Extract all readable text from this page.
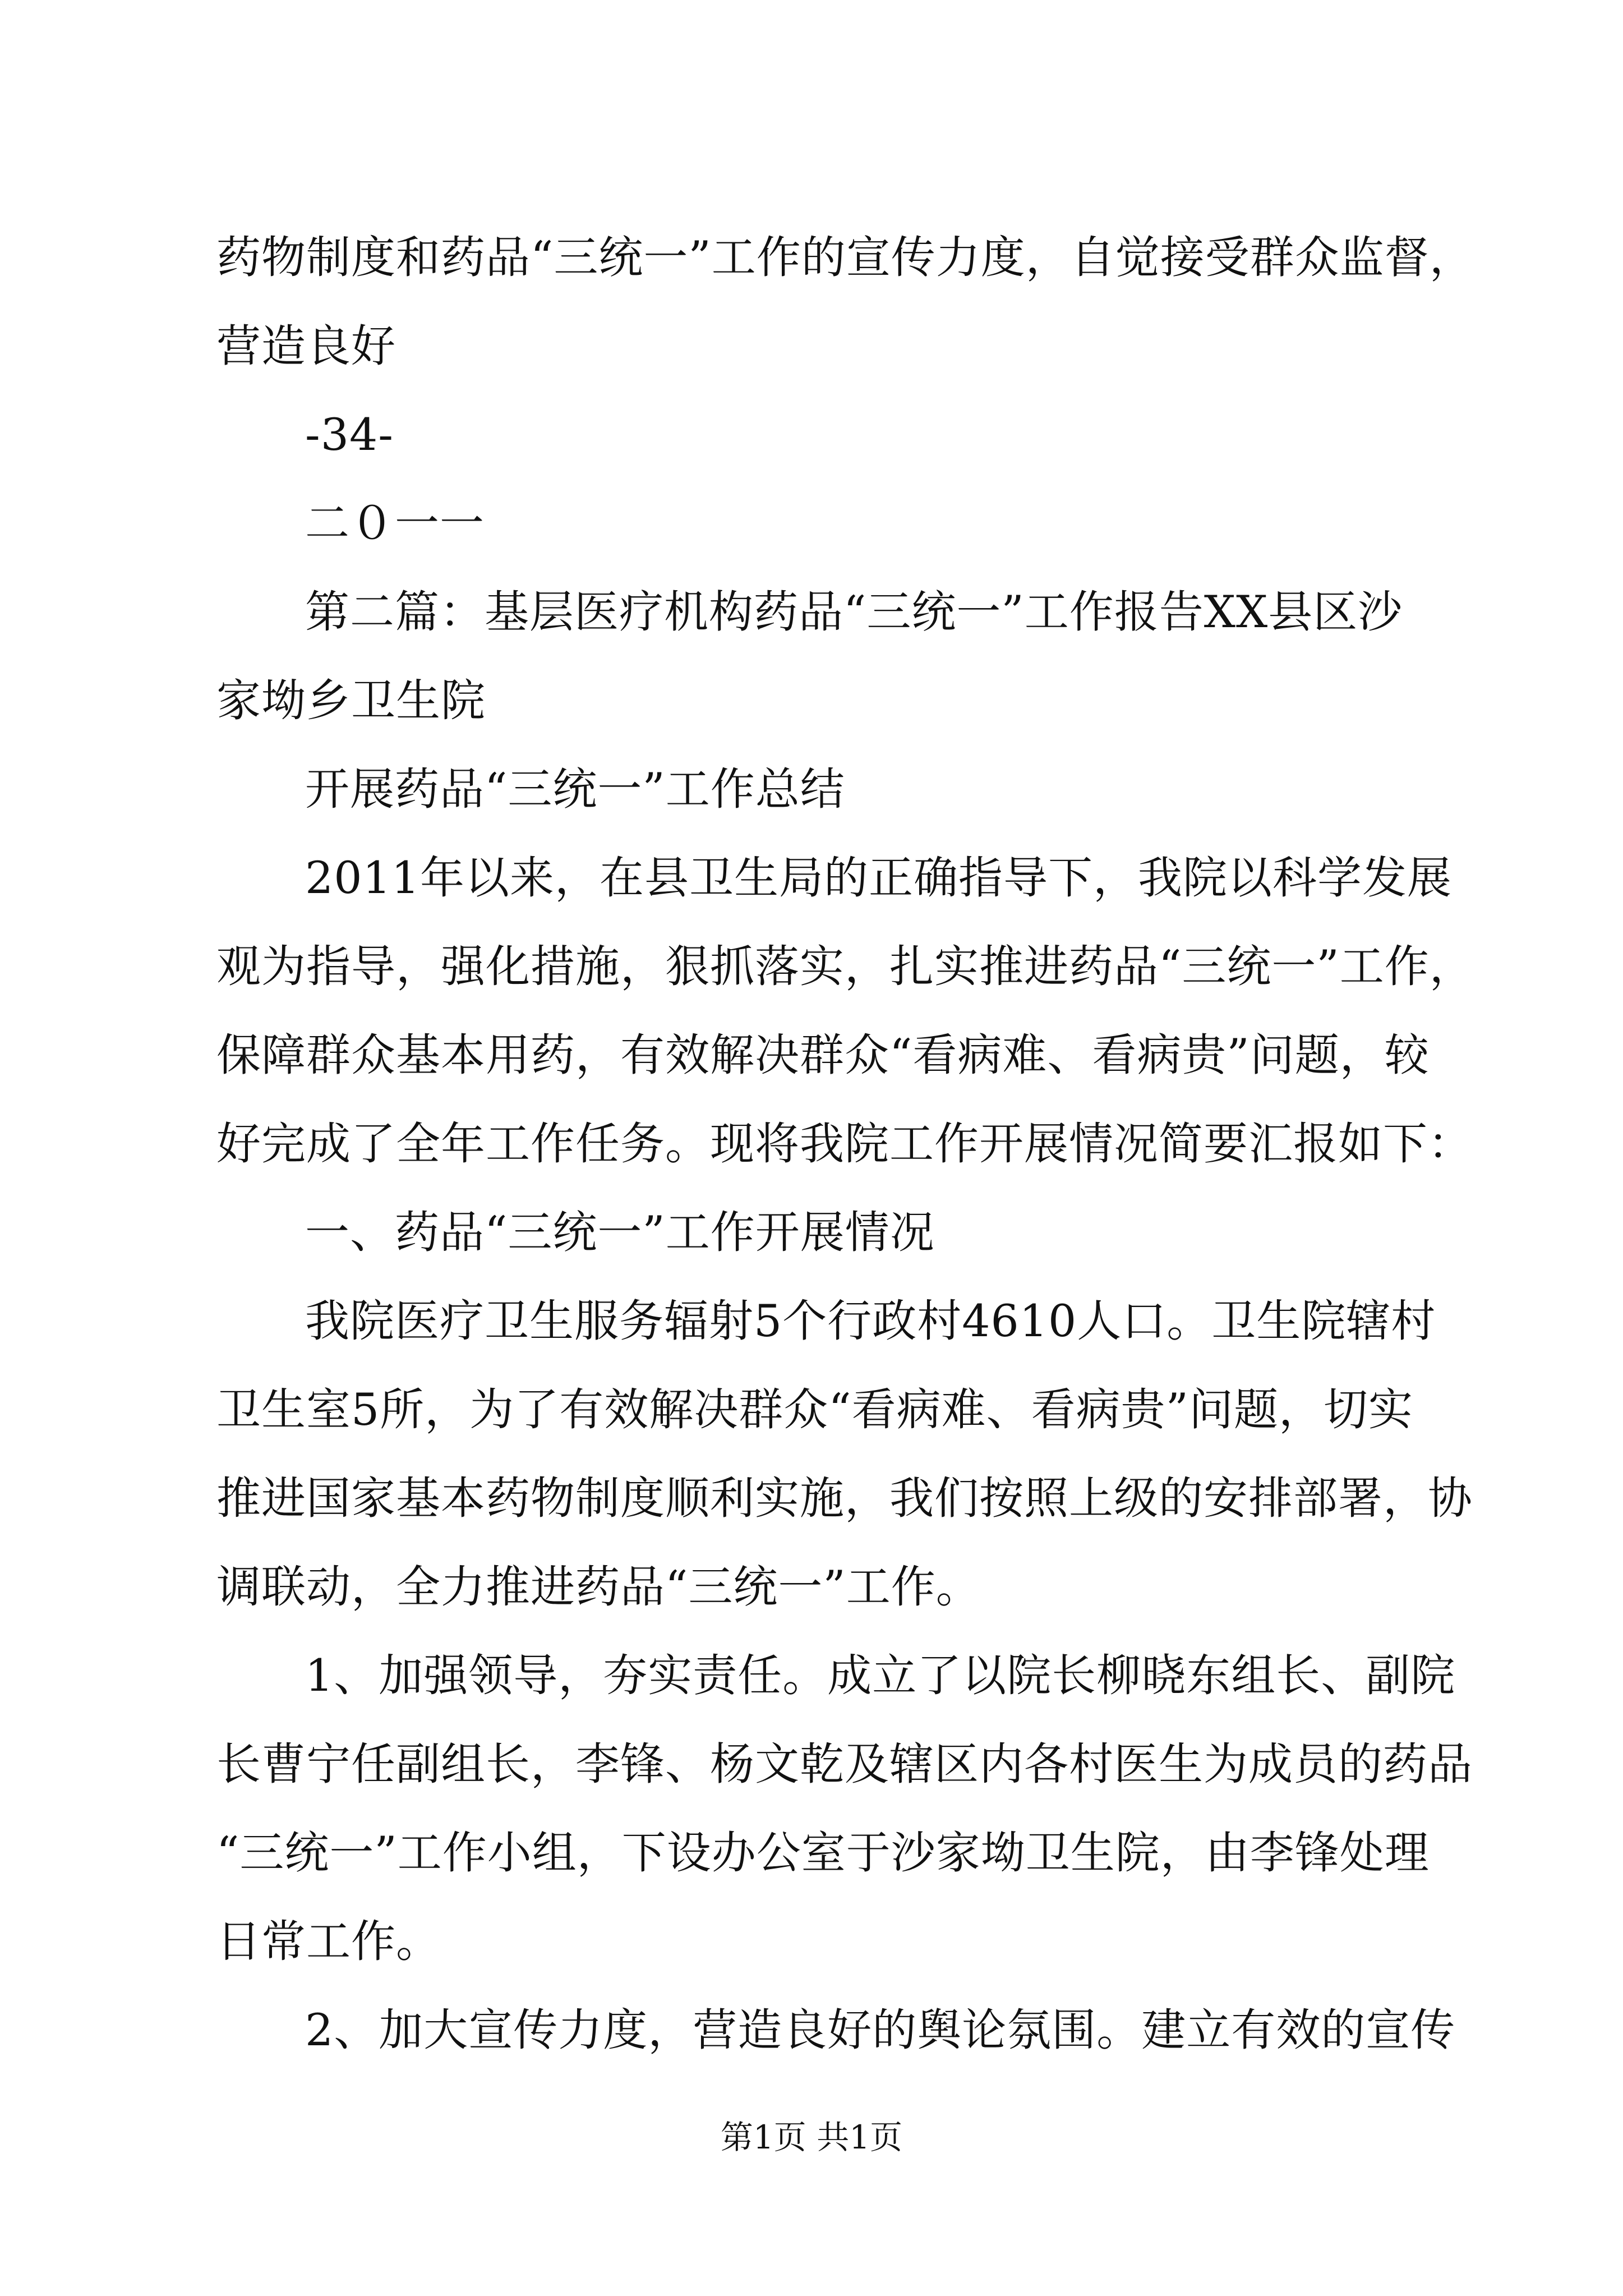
药物制度和药品“三统一”工作的宣传力度，自觉接受群众监督，
营造良好
-34-
二０一一
第二篇：基层医疗机构药品“三统一”工作报告XX县区沙
家坳乡卫生院
开展药品“三统一”工作总结
2011年以来，在县卫生局的正确指导下，我院以科学发展
观为指导，强化措施，狠抓落实，扎实推进药品“三统一”工作，
保障群众基本用药，有效解决群众“看病难、看病贵”问题，较
好完成了全年工作任务。现将我院工作开展情况简要汇报如下：
一、药品“三统一”工作开展情况
我院医疗卫生服务辐射5个行政村4610人口。卫生院辖村
卫生室5所，为了有效解决群众“看病难、看病贵”问题，切实
推进国家基本药物制度顺利实施，我们按照上级的安排部署，协
调联动，全力推进药品“三统一”工作。
1、加强领导，夯实责任。成立了以院长柳晓东组长、副院
长曹宁任副组长，李锋、杨文乾及辖区内各村医生为成员的药品
“三统一”工作小组，下设办公室于沙家坳卫生院，由李锋处理
日常工作。
2、加大宣传力度，营造良好的舆论氛围。建立有效的宣传
第1页 共1页
